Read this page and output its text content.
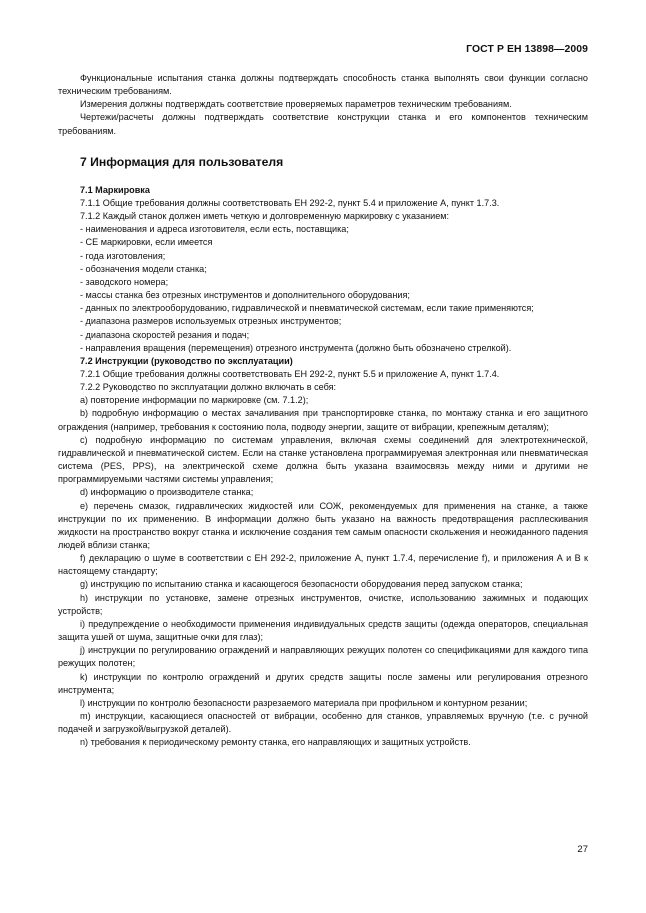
ГОСТ Р ЕН 13898—2009

Функциональные испытания станка должны подтверждать способность станка выполнять свои функции согласно техническим требованиям.

Измерения должны подтверждать соответствие проверяемых параметров техническим требованиям.

Чертежи/расчеты должны подтверждать соответствие конструкции станка и его компонентов техническим требованиям.

7 Информация для пользователя

7.1 Маркировка

7.1.1 Общие требования должны соответствовать ЕН 292-2, пункт 5.4 и приложение А, пункт 1.7.3.

7.1.2 Каждый станок должен иметь четкую и долговременную маркировку с указанием:

- наименования и адреса изготовителя, если есть, поставщика;

- СЕ маркировки, если имеется

- года изготовления;

- обозначения модели станка;

- заводского номера;

- массы станка без отрезных инструментов и дополнительного оборудования;

- данных по электрооборудованию, гидравлической и пневматической системам, если такие применяются;

- диапазона размеров используемых отрезных инструментов;

- диапазона скоростей резания и подач;

- направления вращения (перемещения) отрезного инструмента (должно быть обозначено стрелкой).

7.2 Инструкции (руководство по эксплуатации)

7.2.1 Общие требования должны соответствовать ЕН 292-2, пункт 5.5 и приложение А, пункт 1.7.4.

7.2.2 Руководство по эксплуатации должно включать в себя:

а) повторение информации по маркировке (см. 7.1.2);

b) подробную информацию о местах зачаливания при транспортировке станка, по монтажу станка и его защитного ограждения (например, требования к состоянию пола, подводу энергии, защите от вибрации, крепежным деталям);

с) подробную информацию по системам управления, включая схемы соединений для электротехнической, гидравлической и пневматической систем. Если на станке установлена программируемая электронная или пневматическая система (PES, PPS), на электрической схеме должна быть указана взаимосвязь между ними и другими не программируемыми частями системы управления;

d) информацию о производителе станка;

е) перечень смазок, гидравлических жидкостей или СОЖ, рекомендуемых для применения на станке, а также инструкции по их применению. В информации должно быть указано на важность предотвращения расплескивания жидкости на пространство вокруг станка и исключение создания тем самым опасности скольжения и неожиданного падения людей вблизи станка;

f) декларацию о шуме в соответствии с ЕН 292-2, приложение А, пункт 1.7.4, перечисление f), и приложения А и В к настоящему стандарту;

g) инструкцию по испытанию станка и касающегося безопасности оборудования перед запуском станка;

h) инструкции по установке, замене отрезных инструментов, очистке, использованию зажимных и подающих устройств;

i) предупреждение о необходимости применения индивидуальных средств защиты (одежда операторов, специальная защита ушей от шума, защитные очки для глаз);

j) инструкции по регулированию ограждений и направляющих режущих полотен со спецификациями для каждого типа режущих полотен;

k) инструкции по контролю ограждений и других средств защиты после замены или регулирования отрезного инструмента;

l) инструкции по контролю безопасности разрезаемого материала при профильном и контурном резании;

m) инструкции, касающиеся опасностей от вибрации, особенно для станков, управляемых вручную (т.е. с ручной подачей и загрузкой/выгрузкой деталей).

n) требования к периодическому ремонту станка, его направляющих и защитных устройств.

27
